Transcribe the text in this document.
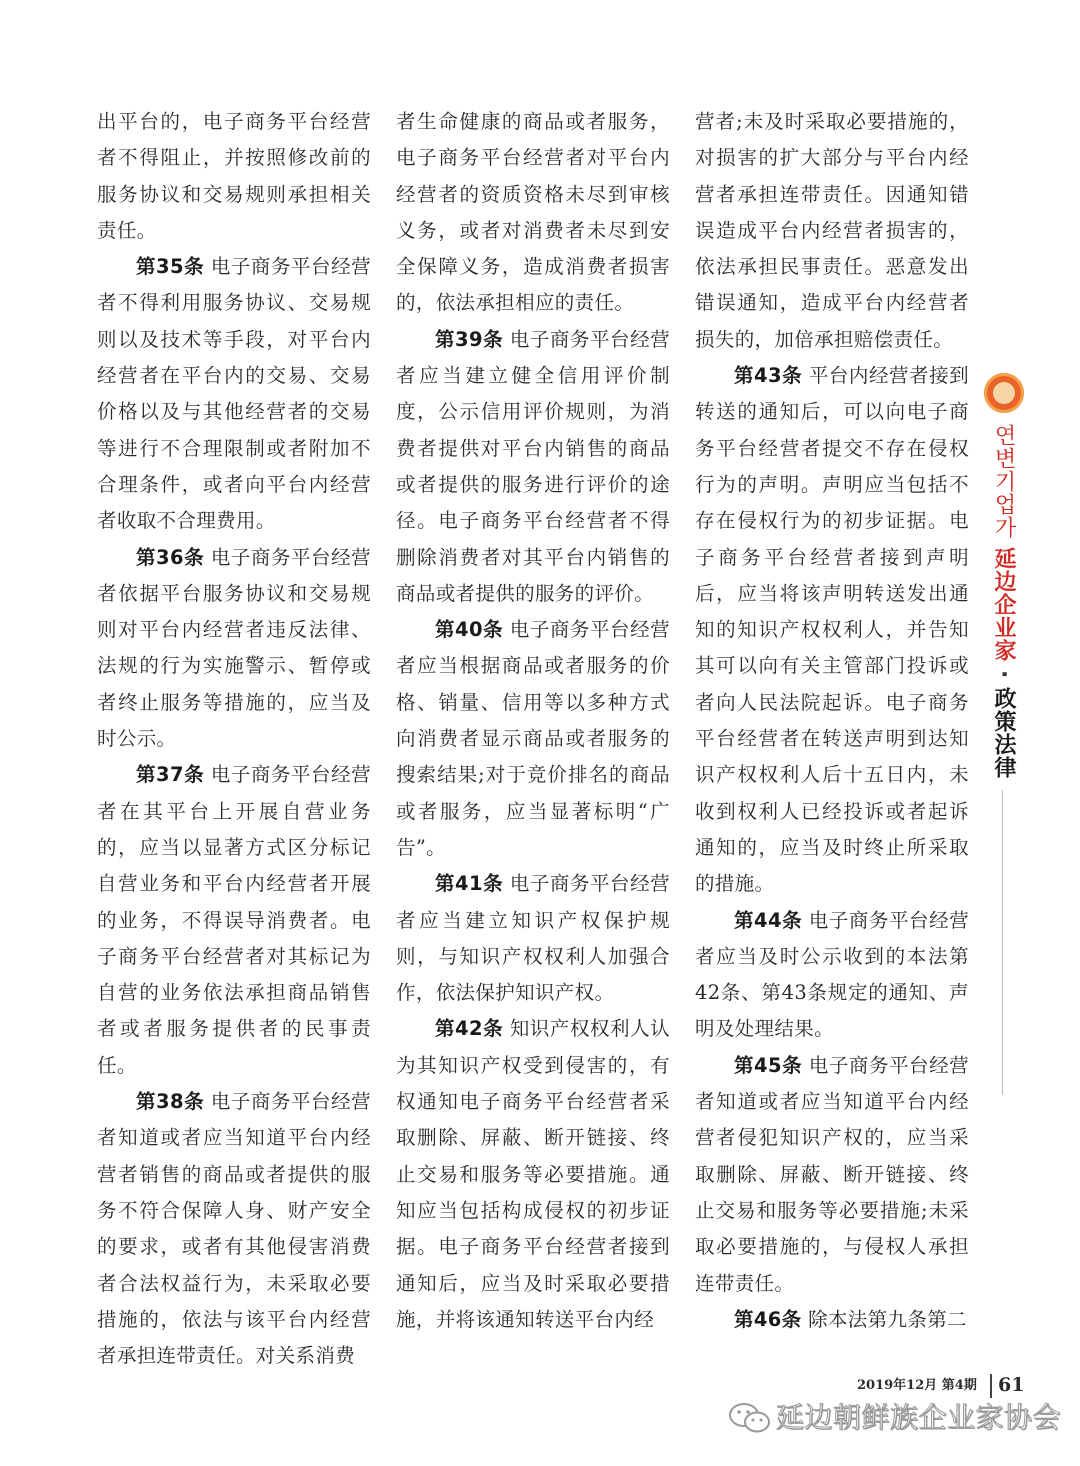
出平台的，电子商务平台经营者不得阻止，并按照修改前的服务协议和交易规则承担相关责任。

第35条 电子商务平台经营者不得利用服务协议、交易规则以及技术等手段，对平台内经营者在平台内的交易、交易价格以及与其他经营者的交易等进行不合理限制或者附加不合理条件，或者向平台内经营者收取不合理费用。

第36条 电子商务平台经营者依据平台服务协议和交易规则对平台内经营者违反法律、法规的行为实施警示、暂停或者终止服务等措施的，应当及时公示。

第37条 电子商务平台经营者在其平台上开展自营业务的，应当以显著方式区分标记自营业务和平台内经营者开展的业务，不得误导消费者。电子商务平台经营者对其标记为自营的业务依法承担商品销售者或者服务提供者的民事责任。

第38条 电子商务平台经营者知道或者应当知道平台内经营者销售的商品或者提供的服务不符合保障人身、财产安全的要求，或者有其他侵害消费者合法权益行为，未采取必要措施的，依法与该平台内经营者承担连带责任。对关系消费

者生命健康的商品或者服务，电子商务平台经营者对平台内经营者的资质资格未尽到审核义务，或者对消费者未尽到安全保障义务，造成消费者损害的，依法承担相应的责任。

第39条 电子商务平台经营者应当建立健全信用评价制度，公示信用评价规则，为消费者提供对平台内销售的商品或者提供的服务进行评价的途径。电子商务平台经营者不得删除消费者对其平台内销售的商品或者提供的服务的评价。

第40条 电子商务平台经营者应当根据商品或者服务的价格、销量、信用等以多种方式向消费者显示商品或者服务的搜索结果;对于竞价排名的商品或者服务，应当显著标明“广告”。

第41条 电子商务平台经营者应当建立知识产权保护规则，与知识产权权利人加强合作，依法保护知识产权。

第42条 知识产权权利人认为其知识产权受到侵害的，有权通知电子商务平台经营者采取删除、屏蔽、断开链接、终止交易和服务等必要措施。通知应当包括构成侵权的初步证据。电子商务平台经营者接到通知后，应当及时采取必要措施，并将该通知转送平台内经

营者;未及时采取必要措施的，对损害的扩大部分与平台内经营者承担连带责任。因通知错误造成平台内经营者损害的，依法承担民事责任。恶意发出错误通知，造成平台内经营者损失的，加倍承担赔偿责任。

第43条 平台内经营者接到转送的通知后，可以向电子商务平台经营者提交不存在侵权行为的声明。声明应当包括不存在侵权行为的初步证据。电子商务平台经营者接到声明后，应当将该声明转送发出通知的知识产权权利人，并告知其可以向有关主管部门投诉或者向人民法院起诉。电子商务平台经营者在转送声明到达知识产权权利人后十五日内，未收到权利人已经投诉或者起诉通知的，应当及时终止所采取的措施。

第44条 电子商务平台经营者应当及时公示收到的本法第42条、第43条规定的通知、声明及处理结果。

第45条 电子商务平台经营者知道或者应当知道平台内经营者侵犯知识产权的，应当采取删除、屏蔽、断开链接、终止交易和服务等必要措施;未采取必要措施的，与侵权人承担连带责任。

第46条 除本法第九条第二

연변기업가 延边企业家 · 政策法律
2019年12月 第4期 61
延边朝鲜族企业家协会
